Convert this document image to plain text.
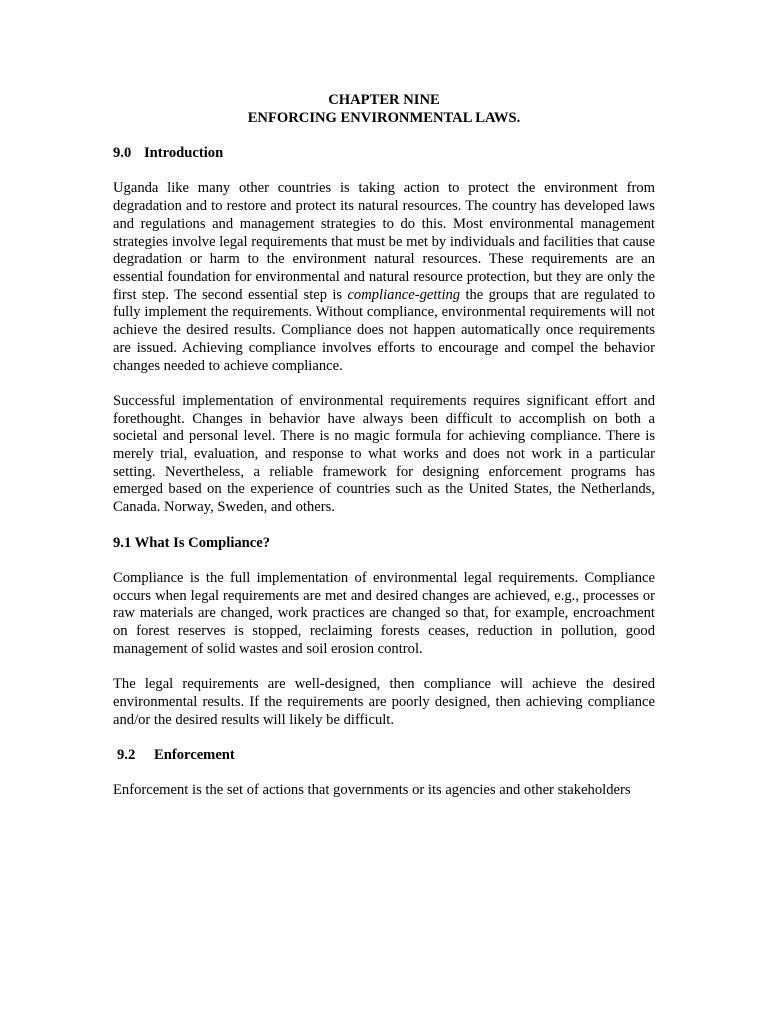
CHAPTER NINE
ENFORCING ENVIRONMENTAL LAWS.

9.0 Introduction

Uganda like many other countries is taking action to protect the environment from degradation and to restore and protect its natural resources. The country has developed laws and regulations and management strategies to do this. Most environmental management strategies involve legal requirements that must be met by individuals and facilities that cause degradation or harm to the environment natural resources. These requirements are an essential foundation for environmental and natural resource protection, but they are only the first step. The second essential step is compliance-getting the groups that are regulated to fully implement the requirements. Without compliance, environmental requirements will not achieve the desired results. Compliance does not happen automatically once requirements are issued. Achieving compliance involves efforts to encourage and compel the behavior changes needed to achieve compliance.

Successful implementation of environmental requirements requires significant effort and forethought. Changes in behavior have always been difficult to accomplish on both a societal and personal level. There is no magic formula for achieving compliance. There is merely trial, evaluation, and response to what works and does not work in a particular setting. Nevertheless, a reliable framework for designing enforcement programs has emerged based on the experience of countries such as the United States, the Netherlands, Canada. Norway, Sweden, and others.

9.1 What Is Compliance?

Compliance is the full implementation of environmental legal requirements. Compliance occurs when legal requirements are met and desired changes are achieved, e.g., processes or raw materials are changed, work practices are changed so that, for example, encroachment on forest reserves is stopped, reclaiming forests ceases, reduction in pollution, good management of solid wastes and soil erosion control.

The legal requirements are well-designed, then compliance will achieve the desired environmental results. If the requirements are poorly designed, then achieving compliance and/or the desired results will likely be difficult.

9.2 Enforcement

Enforcement is the set of actions that governments or its agencies and other stakeholders
